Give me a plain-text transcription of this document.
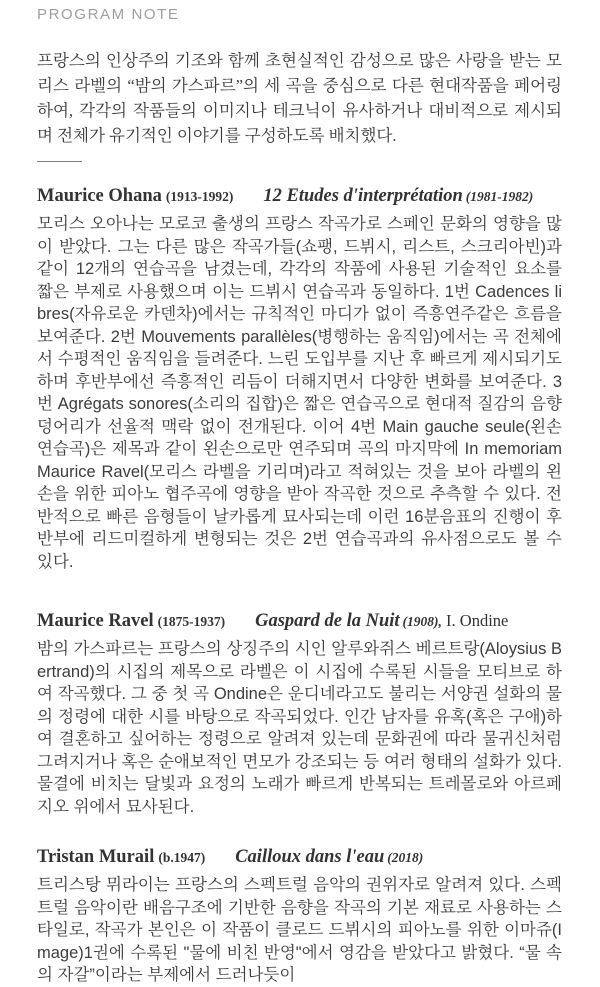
PROGRAM NOTE

프랑스의 인상주의 기조와 함께 초현실적인 감성으로 많은 사랑을 받는 모리스 라벨의 “밤의 가스파르”의 세 곡을 중심으로 다른 현대작품을 페어링하여, 각각의 작품들의 이미지나 테크닉이 유사하거나 대비적으로 제시되며 전체가 유기적인 이야기를 구성하도록 배치했다.

Maurice Ohana (1913-1992) 12 Etudes d'interprétation (1981-1982)

모리스 오아나는 모로코 출생의 프랑스 작곡가로 스페인 문화의 영향을 많이 받았다. 그는 다른 많은 작곡가들(쇼팽, 드뷔시, 리스트, 스크리아빈)과 같이 12개의 연습곡을 남겼는데, 각각의 작품에 사용된 기술적인 요소를 짧은 부제로 사용했으며 이는 드뷔시 연습곡과 동일하다. 1번 Cadences libres(자유로운 카덴차)에서는 규칙적인 마디가 없이 즉흥연주같은 흐름을 보여준다. 2번 Mouvements parallèles(병행하는 움직임)에서는 곡 전체에서 수평적인 움직임을 들려준다. 느린 도입부를 지난 후 빠르게 제시되기도 하며 후반부에선 즉흥적인 리듬이 더해지면서 다양한 변화를 보여준다. 3번 Agrégats sonores(소리의 집합)은 짧은 연습곡으로 현대적 질감의 음향 덩어리가 선율적 맥락 없이 전개된다. 이어 4번 Main gauche seule(왼손 연습곡)은 제목과 같이 왼손으로만 연주되며 곡의 마지막에 In memoriam Maurice Ravel(모리스 라벨을 기리며)라고 적혀있는 것을 보아 라벨의 왼손을 위한 피아노 협주곡에 영향을 받아 작곡한 것으로 추측할 수 있다. 전반적으로 빠른 음형들이 날카롭게 묘사되는데 이런 16분음표의 진행이 후반부에 리드미컬하게 변형되는 것은 2번 연습곡과의 유사점으로도 볼 수 있다.

Maurice Ravel (1875-1937) Gaspard de la Nuit (1908), I. Ondine

밤의 가스파르는 프랑스의 상징주의 시인 알루와쥐스 베르트랑(Aloysius Bertrand)의 시집의 제목으로 라벨은 이 시집에 수록된 시들을 모티브로 하여 작곡했다. 그 중 첫 곡 Ondine은 운디네라고도 불리는 서양권 설화의 물의 정령에 대한 시를 바탕으로 작곡되었다. 인간 남자를 유혹(혹은 구애)하여 결혼하고 싶어하는 정령으로 알려져 있는데 문화권에 따라 물귀신처럼 그려지거나 혹은 순애보적인 면모가 강조되는 등 여러 형태의 설화가 있다. 물결에 비치는 달빛과 요정의 노래가 빠르게 반복되는 트레몰로와 아르페지오 위에서 묘사된다.

Tristan Murail (b.1947) Cailloux dans l'eau (2018)

트리스탕 뮈라이는 프랑스의 스펙트럴 음악의 권위자로 알려져 있다. 스펙트럴 음악이란 배음구조에 기반한 음향을 작곡의 기본 재료로 사용하는 스타일로, 작곡가 본인은 이 작품이 클로드 드뷔시의 피아노를 위한 이마쥬(Image)1권에 수록된 "물에 비친 반영"에서 영감을 받았다고 밝혔다. “물 속의 자갈”이라는 부제에서 드러나듯이
